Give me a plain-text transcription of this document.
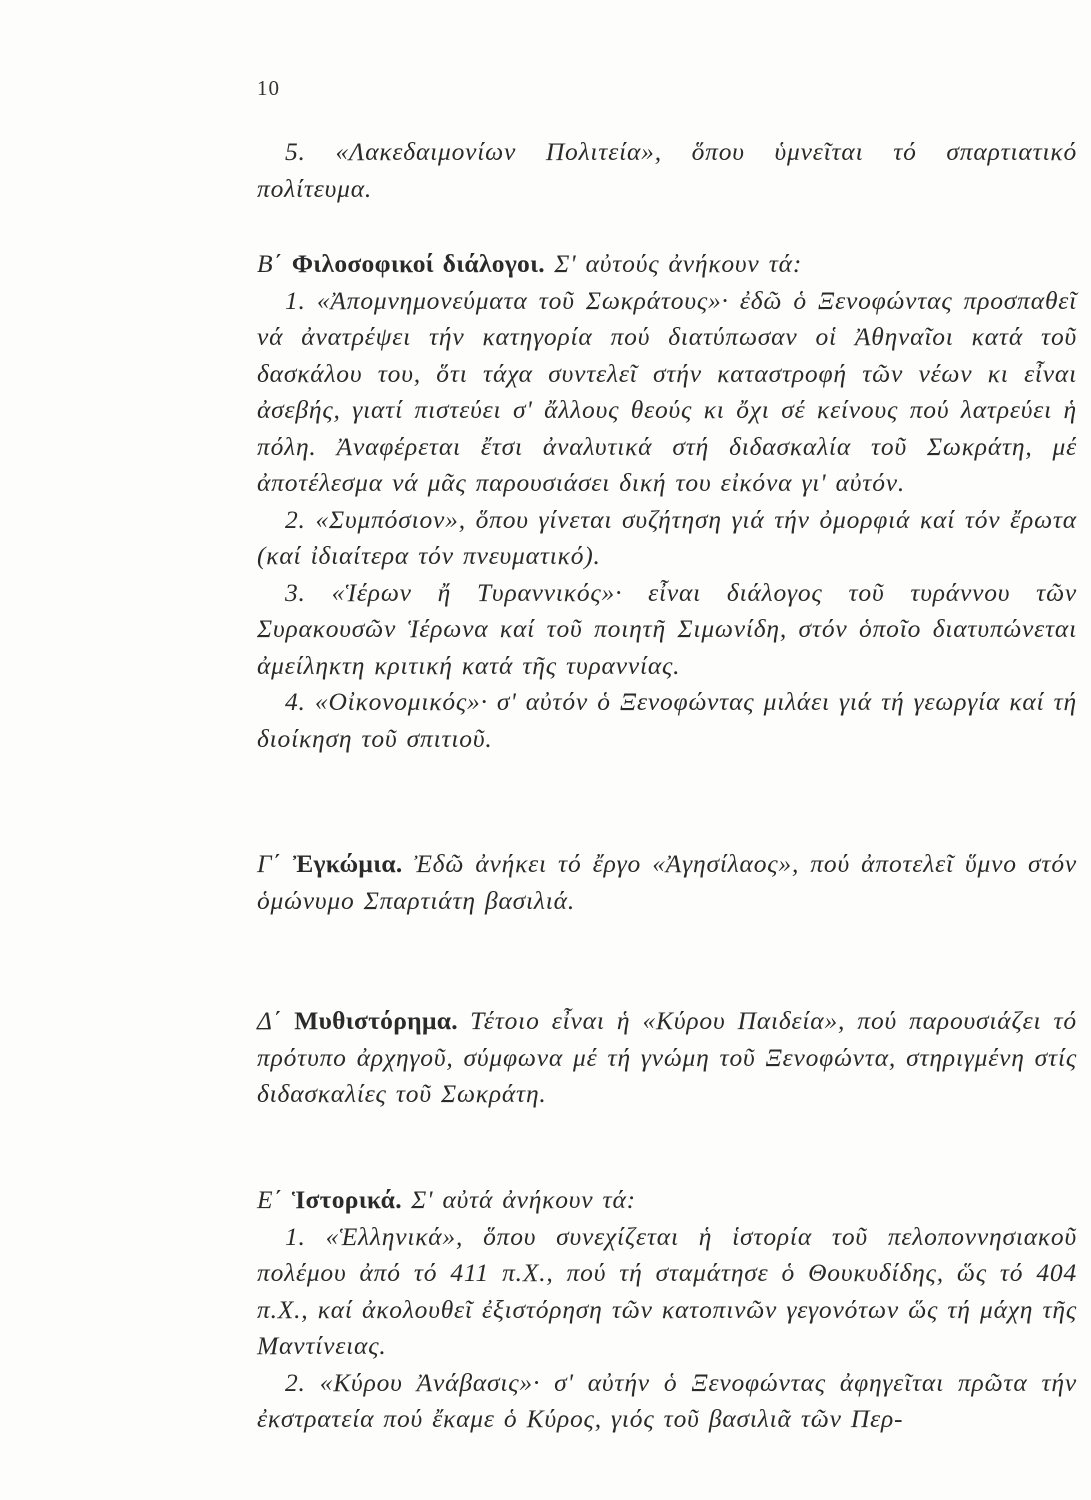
10

5. «Λακεδαιμονίων Πολιτεία», ὅπου ὑμνεῖται τό σπαρτιατικό πολίτευμα.

Β΄ Φιλοσοφικοί διάλογοι. Σ' αὐτούς ἀνήκουν τά:

1. «Ἀπομνημονεύματα τοῦ Σωκράτους»· ἐδῶ ὁ Ξενοφώντας προσπαθεῖ νά ἀνατρέψει τήν κατηγορία πού διατύπωσαν οἱ Ἀθηναῖοι κατά τοῦ δασκάλου του, ὅτι τάχα συντελεῖ στήν καταστροφή τῶν νέων κι εἶναι ἀσεβής, γιατί πιστεύει σ' ἄλλους θεούς κι ὄχι σέ κείνους πού λατρεύει ἡ πόλη. Ἀναφέρεται ἔτσι ἀναλυτικά στή διδασκαλία τοῦ Σωκράτη, μέ ἀποτέλεσμα νά μᾶς παρουσιάσει δική του εἰκόνα γι' αὐτόν.

2. «Συμπόσιον», ὅπου γίνεται συζήτηση γιά τήν ὀμορφιά καί τόν ἔρωτα (καί ἰδιαίτερα τόν πνευματικό).

3. «Ἱέρων ἤ Τυραννικός»· εἶναι διάλογος τοῦ τυράννου τῶν Συρακουσῶν Ἱέρωνα καί τοῦ ποιητῆ Σιμωνίδη, στόν ὁποῖο διατυπώνεται ἀμείληκτη κριτική κατά τῆς τυραννίας.

4. «Οἰκονομικός»· σ' αὐτόν ὁ Ξενοφώντας μιλάει γιά τή γεωργία καί τή διοίκηση τοῦ σπιτιοῦ.

Γ΄ Ἐγκώμια. Ἐδῶ ἀνήκει τό ἔργο «Ἀγησίλαος», πού ἀποτελεῖ ὕμνο στόν ὁμώνυμο Σπαρτιάτη βασιλιά.

Δ΄ Μυθιστόρημα. Τέτοιο εἶναι ἡ «Κύρου Παιδεία», πού παρουσιάζει τό πρότυπο ἀρχηγοῦ, σύμφωνα μέ τή γνώμη τοῦ Ξενοφώντα, στηριγμένη στίς διδασκαλίες τοῦ Σωκράτη.

Ε΄ Ἱστορικά. Σ' αὐτά ἀνήκουν τά:

1. «Ἑλληνικά», ὅπου συνεχίζεται ἡ ἱστορία τοῦ πελοποννησιακοῦ πολέμου ἀπό τό 411 π.Χ., πού τή σταμάτησε ὁ Θουκυδίδης, ὥς τό 404 π.Χ., καί ἀκολουθεῖ ἐξιστόρηση τῶν κατοπινῶν γεγονότων ὥς τή μάχη τῆς Μαντίνειας.

2. «Κύρου Ἀνάβασις»· σ' αὐτήν ὁ Ξενοφώντας ἀφηγεῖται πρῶτα τήν ἐκστρατεία πού ἔκαμε ὁ Κύρος, γιός τοῦ βασιλιᾶ τῶν Περ-
